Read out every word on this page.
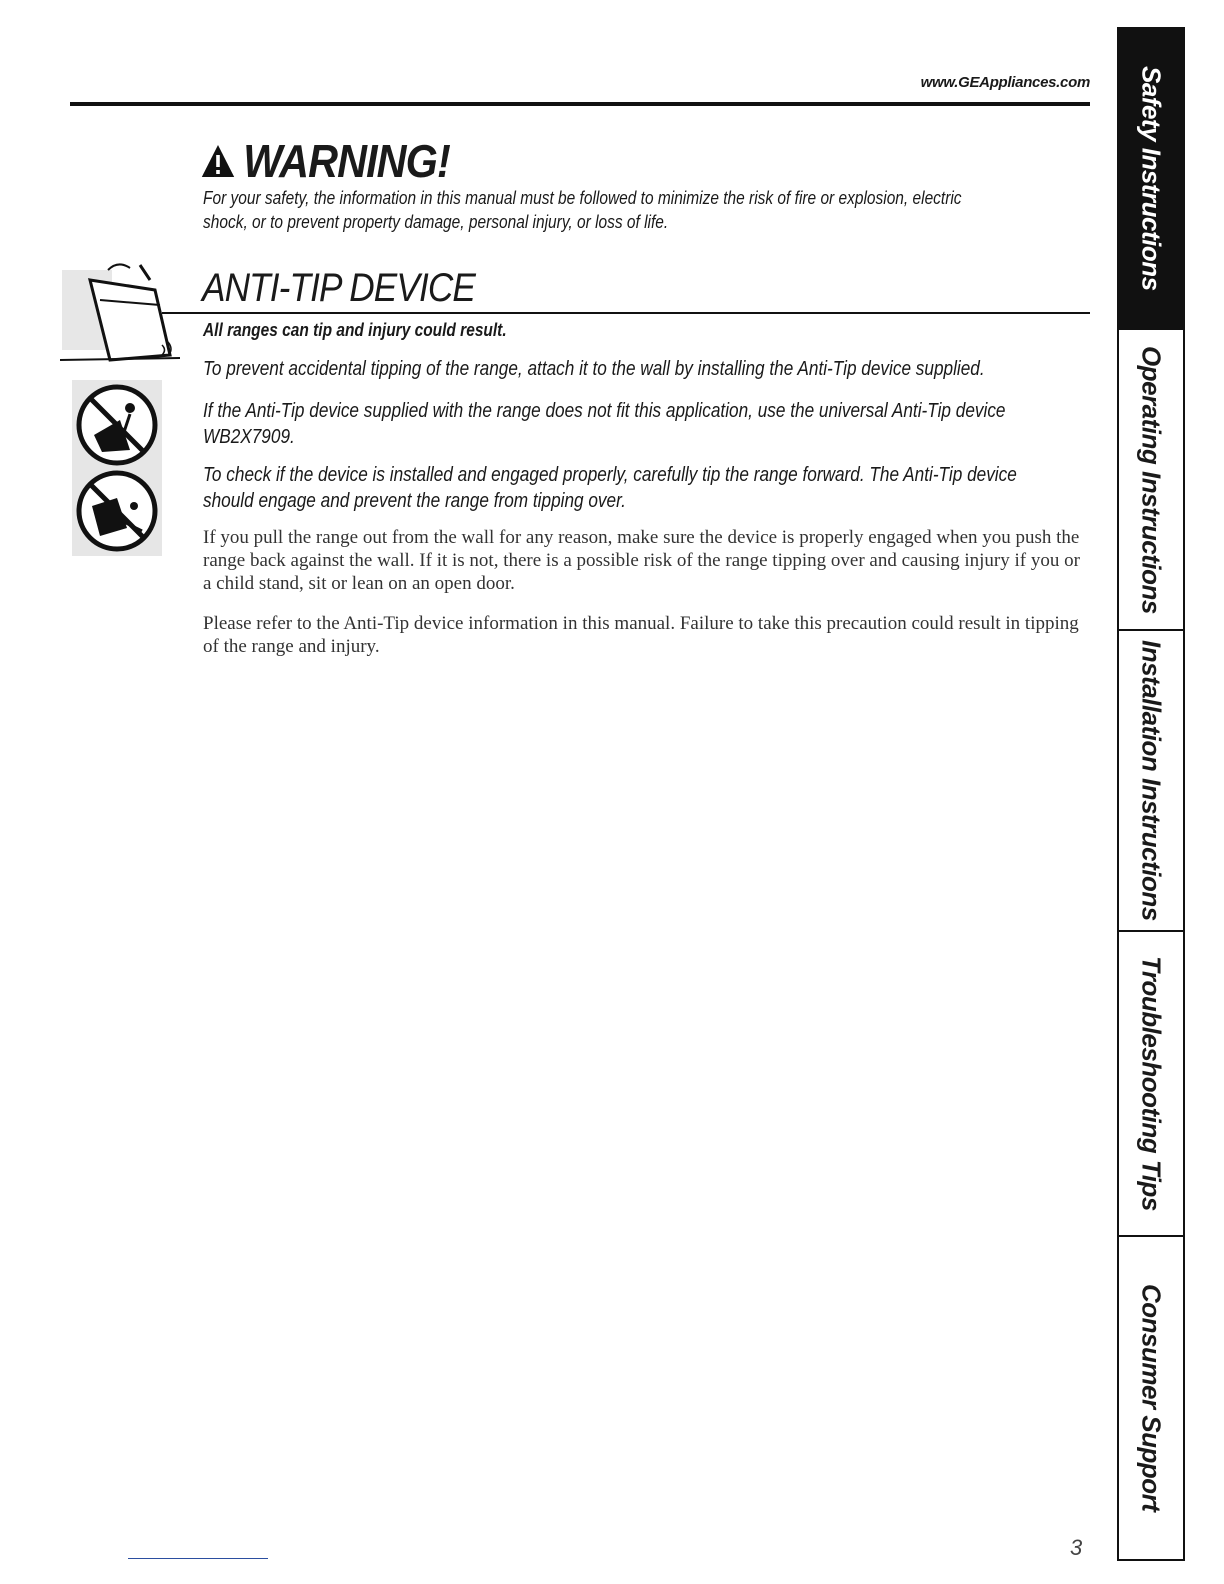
www.GEAppliances.com
WARNING!
For your safety, the information in this manual must be followed to minimize the risk of fire or explosion, electric shock, or to prevent property damage, personal injury, or loss of life.
ANTI-TIP DEVICE
All ranges can tip and injury could result.
To prevent accidental tipping of the range, attach it to the wall by installing the Anti-Tip device supplied.
If the Anti-Tip device supplied with the range does not fit this application, use the universal Anti-Tip device WB2X7909.
To check if the device is installed and engaged properly, carefully tip the range forward. The Anti-Tip device should engage and prevent the range from tipping over.
If you pull the range out from the wall for any reason, make sure the device is properly engaged when you push the range back against the wall. If it is not, there is a possible risk of the range tipping over and causing injury if you or a child stand, sit or lean on an open door.
Please refer to the Anti-Tip device information in this manual. Failure to take this precaution could result in tipping of the range and injury.
Safety Instructions
Operating Instructions
Installation Instructions
Troubleshooting Tips
Consumer Support
3
